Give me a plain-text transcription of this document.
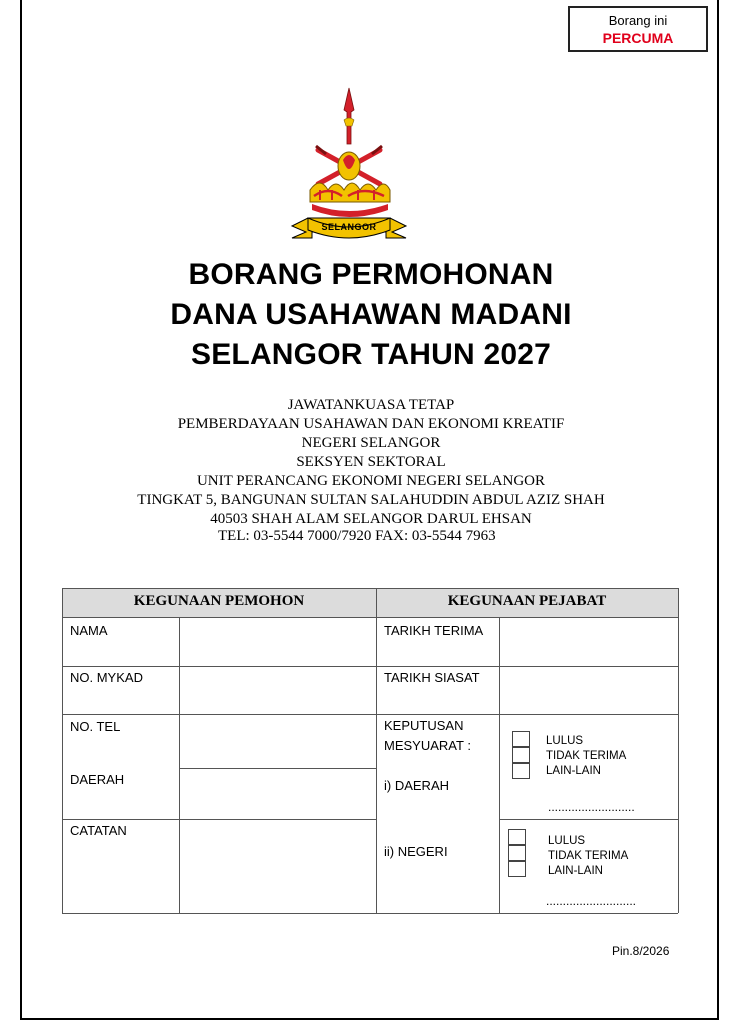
Borang ini
PERCUMA
SELANGOR
BORANG PERMOHONAN
DANA USAHAWAN MADANI
SELANGOR TAHUN 2027
JAWATANKUASA TETAP
PEMBERDAYAAN USAHAWAN DAN EKONOMI KREATIF
NEGERI SELANGOR
SEKSYEN SEKTORAL
UNIT PERANCANG EKONOMI NEGERI SELANGOR
TINGKAT 5, BANGUNAN SULTAN SALAHUDDIN ABDUL AZIZ SHAH
40503 SHAH ALAM SELANGOR DARUL EHSAN
TEL: 03-5544 7000/7920 FAX: 03-5544 7963
KEGUNAAN PEMOHON	KEGUNAAN PEJABAT
NAMA
NO. MYKAD
NO. TEL
DAERAH
CATATAN
TARIKH TERIMA
TARIKH SIASAT
KEPUTUSAN
MESYUARAT :
i) DAERAH
ii) NEGERI
LULUS
TIDAK TERIMA
LAIN-LAIN
..........................
LULUS
TIDAK TERIMA
LAIN-LAIN
...........................
Pin.8/2026
